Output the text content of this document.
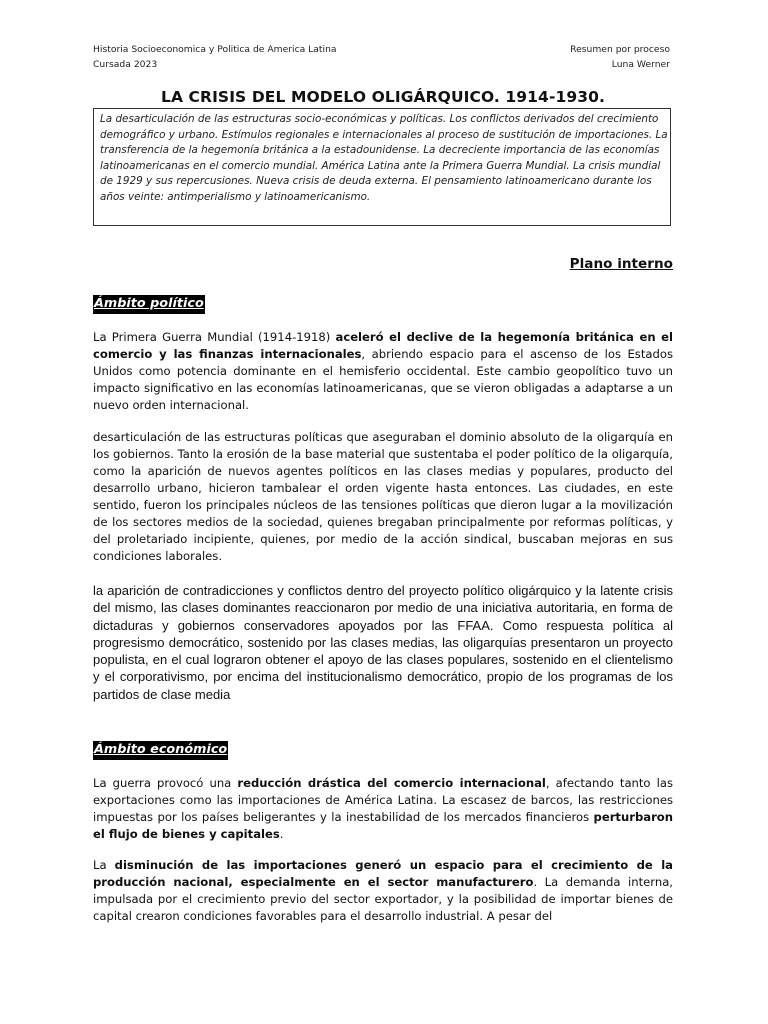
Historia Socioeconomica y Politica de America Latina
Cursada 2023
Resumen por proceso
Luna Werner
LA CRISIS DEL MODELO OLIGÁRQUICO. 1914-1930.
La desarticulación de las estructuras socio-económicas y políticas. Los conflictos derivados del crecimiento demográfico y urbano. Estímulos regionales e internacionales al proceso de sustitución de importaciones. La transferencia de la hegemonía británica a la estadounidense. La decreciente importancia de las economías latinoamericanas en el comercio mundial. América Latina ante la Primera Guerra Mundial. La crisis mundial de 1929 y sus repercusiones. Nueva crisis de deuda externa. El pensamiento latinoamericano durante los años veinte: antimperialismo y latinoamericanismo.
Plano interno
Ámbito político

La Primera Guerra Mundial (1914-1918) aceleró el declive de la hegemonía británica en el comercio y las finanzas internacionales, abriendo espacio para el ascenso de los Estados Unidos como potencia dominante en el hemisferio occidental. Este cambio geopolítico tuvo un impacto significativo en las economías latinoamericanas, que se vieron obligadas a adaptarse a un nuevo orden internacional.

desarticulación de las estructuras políticas que aseguraban el dominio absoluto de la oligarquía en los gobiernos. Tanto la erosión de la base material que sustentaba el poder político de la oligarquía, como la aparición de nuevos agentes políticos en las clases medias y populares, producto del desarrollo urbano, hicieron tambalear el orden vigente hasta entonces. Las ciudades, en este sentido, fueron los principales núcleos de las tensiones políticas que dieron lugar a la movilización de los sectores medios de la sociedad, quienes bregaban principalmente por reformas políticas, y del proletariado incipiente, quienes, por medio de la acción sindical, buscaban mejoras en sus condiciones laborales.

la aparición de contradicciones y conflictos dentro del proyecto político oligárquico y la latente crisis del mismo, las clases dominantes reaccionaron por medio de una iniciativa autoritaria, en forma de dictaduras y gobiernos conservadores apoyados por las FFAA. Como respuesta política al progresismo democrático, sostenido por las clases medias, las oligarquías presentaron un proyecto populista, en el cual lograron obtener el apoyo de las clases populares, sostenido en el clientelismo y el corporativismo, por encima del institucionalismo democrático, propio de los programas de los partidos de clase media

Ámbito económico

La guerra provocó una reducción drástica del comercio internacional, afectando tanto las exportaciones como las importaciones de América Latina. La escasez de barcos, las restricciones impuestas por los países beligerantes y la inestabilidad de los mercados financieros perturbaron el flujo de bienes y capitales.

La disminución de las importaciones generó un espacio para el crecimiento de la producción nacional, especialmente en el sector manufacturero. La demanda interna, impulsada por el crecimiento previo del sector exportador, y la posibilidad de importar bienes de capital crearon condiciones favorables para el desarrollo industrial. A pesar del
